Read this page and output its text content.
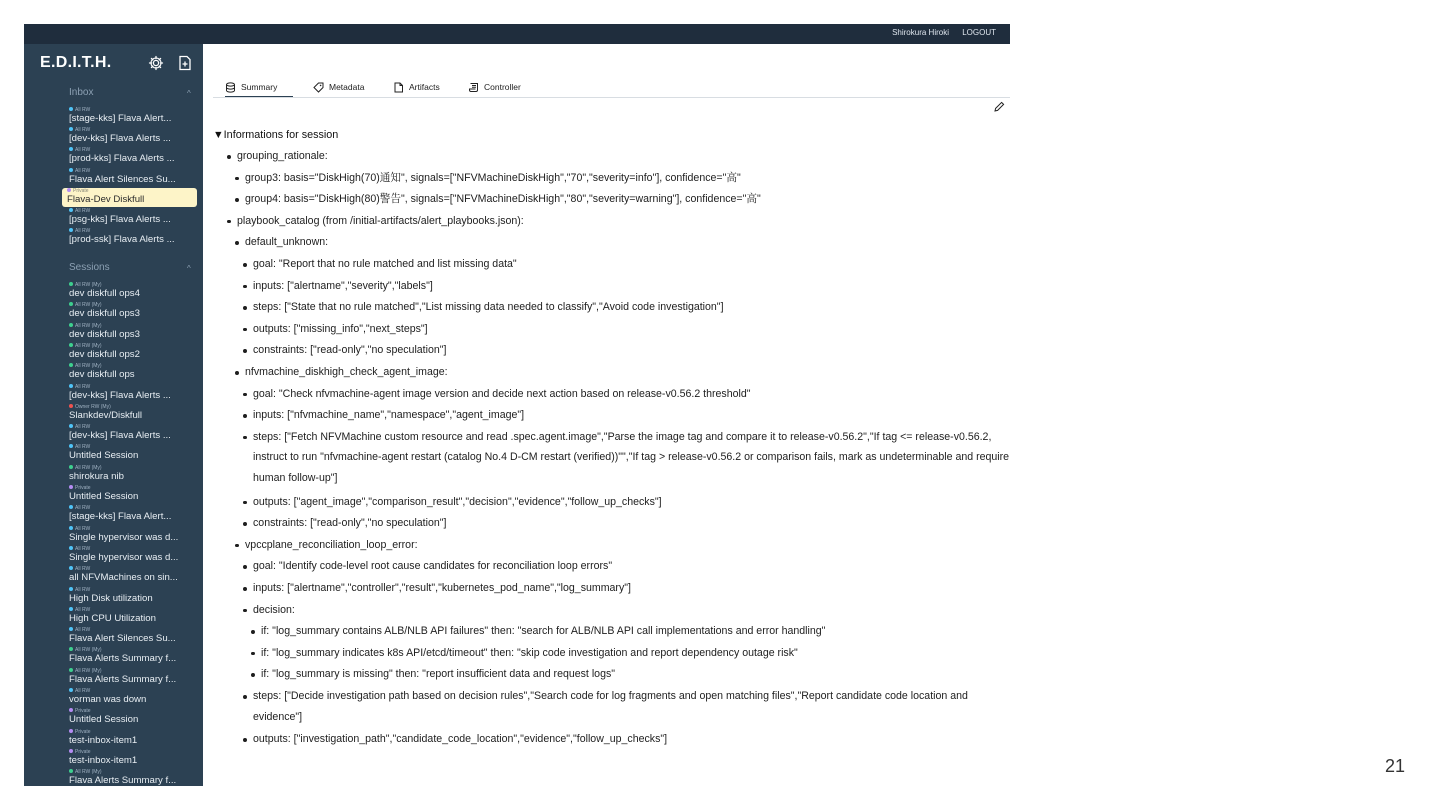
Shirokura Hiroki LOGOUT
E.D.I.T.H.
Inbox	^
All RW
[stage-kks] Flava Alert...
All RW
[dev-kks] Flava Alerts ...
All RW
[prod-kks] Flava Alerts ...
All RW
Flava Alert Silences Su...
Private
Flava-Dev Diskfull
All RW
[psg-kks] Flava Alerts ...
All RW
[prod-ssk] Flava Alerts ...
Sessions	^
All RW (My)
dev diskfull ops4
All RW (My)
dev diskfull ops3
All RW (My)
dev diskfull ops3
All RW (My)
dev diskfull ops2
All RW (My)
dev diskfull ops
All RW
[dev-kks] Flava Alerts ...
Owner RW (My)
Slankdev/Diskfull
All RW
[dev-kks] Flava Alerts ...
All RW
Untitled Session
All RW (My)
shirokura nib
Private
Untitled Session
All RW
[stage-kks] Flava Alert...
All RW
Single hypervisor was d...
All RW
Single hypervisor was d...
All RW
all NFVMachines on sin...
All RW
High Disk utilization
All RW
High CPU Utilization
All RW
Flava Alert Silences Su...
All RW (My)
Flava Alerts Summary f...
All RW (My)
Flava Alerts Summary f...
All RW
vorman was down
Private
Untitled Session
Private
test-inbox-item1
Private
test-inbox-item1
All RW (My)
Flava Alerts Summary f...
Summary	Metadata	Artifacts	Controller
▼Informations for session
grouping_rationale:
group3: basis="DiskHigh(70)通知", signals=["NFVMachineDiskHigh","70","severity=info"], confidence="高"
group4: basis="DiskHigh(80)警告", signals=["NFVMachineDiskHigh","80","severity=warning"], confidence="高"
playbook_catalog (from /initial-artifacts/alert_playbooks.json):
default_unknown:
goal: "Report that no rule matched and list missing data"
inputs: ["alertname","severity","labels"]
steps: ["State that no rule matched","List missing data needed to classify","Avoid code investigation"]
outputs: ["missing_info","next_steps"]
constraints: ["read-only","no speculation"]
nfvmachine_diskhigh_check_agent_image:
goal: "Check nfvmachine-agent image version and decide next action based on release-v0.56.2 threshold"
inputs: ["nfvmachine_name","namespace","agent_image"]
steps: ["Fetch NFVMachine custom resource and read .spec.agent.image","Parse the image tag and compare it to release-v0.56.2","If tag <= release-v0.56.2, instruct to run "nfvmachine-agent restart (catalog No.4 D-CM restart (verified))"","If tag > release-v0.56.2 or comparison fails, mark as undeterminable and require human follow-up"]
outputs: ["agent_image","comparison_result","decision","evidence","follow_up_checks"]
constraints: ["read-only","no speculation"]
vpccplane_reconciliation_loop_error:
goal: "Identify code-level root cause candidates for reconciliation loop errors"
inputs: ["alertname","controller","result","kubernetes_pod_name","log_summary"]
decision:
if: "log_summary contains ALB/NLB API failures" then: "search for ALB/NLB API call implementations and error handling"
if: "log_summary indicates k8s API/etcd/timeout" then: "skip code investigation and report dependency outage risk"
if: "log_summary is missing" then: "report insufficient data and request logs"
steps: ["Decide investigation path based on decision rules","Search code for log fragments and open matching files","Report candidate code location and evidence"]
outputs: ["investigation_path","candidate_code_location","evidence","follow_up_checks"]
21
